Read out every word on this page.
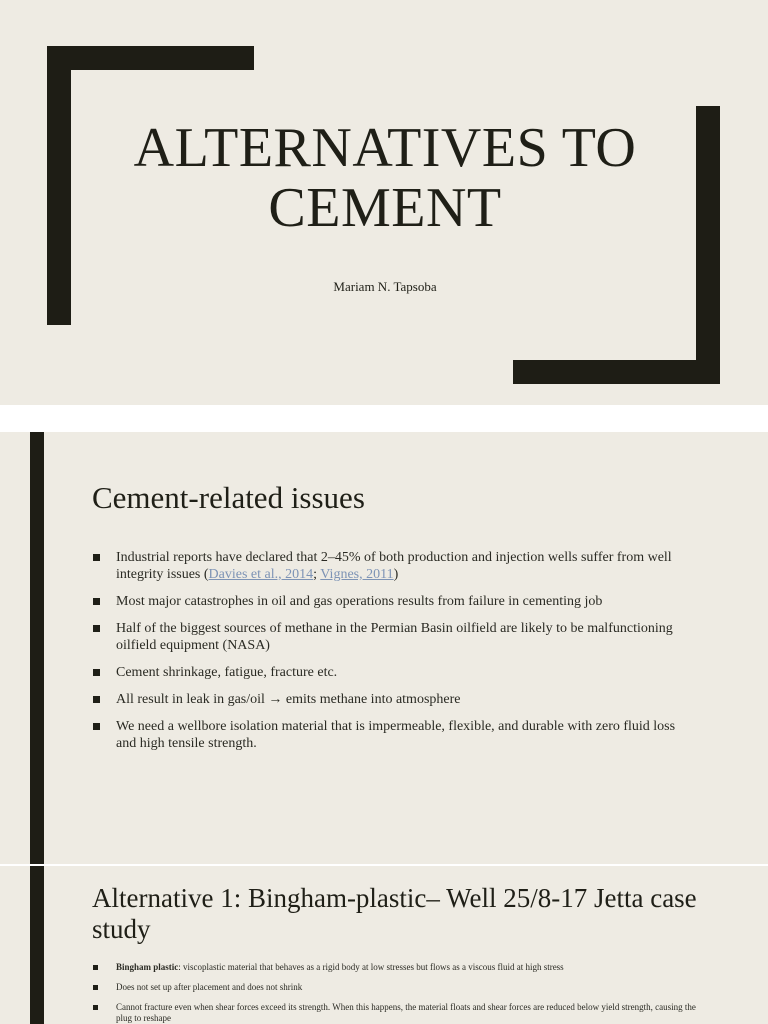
ALTERNATIVES TO
CEMENT
Mariam N. Tapsoba
Cement-related issues
Industrial reports have declared that 2–45% of both production and injection wells suffer from well integrity issues (Davies et al., 2014; Vignes, 2011)
Most major catastrophes in oil and gas operations results from failure in cementing job
Half of the biggest sources of methane in the Permian Basin oilfield are likely to be malfunctioning oilfield equipment (NASA)
Cement shrinkage, fatigue, fracture etc.
All result in leak in gas/oil → emits methane into atmosphere
We need a wellbore isolation material that is impermeable, flexible, and durable with zero fluid loss and high tensile strength.
Alternative 1: Bingham-plastic– Well 25/8-17 Jetta case study
Bingham plastic: viscoplastic material that behaves as a rigid body at low stresses but flows as a viscous fluid at high stress
Does not set up after placement and does not shrink
Cannot fracture even when shear forces exceed its strength. When this happens, the material floats and shear forces are reduced below yield strength, causing the plug to reshape
